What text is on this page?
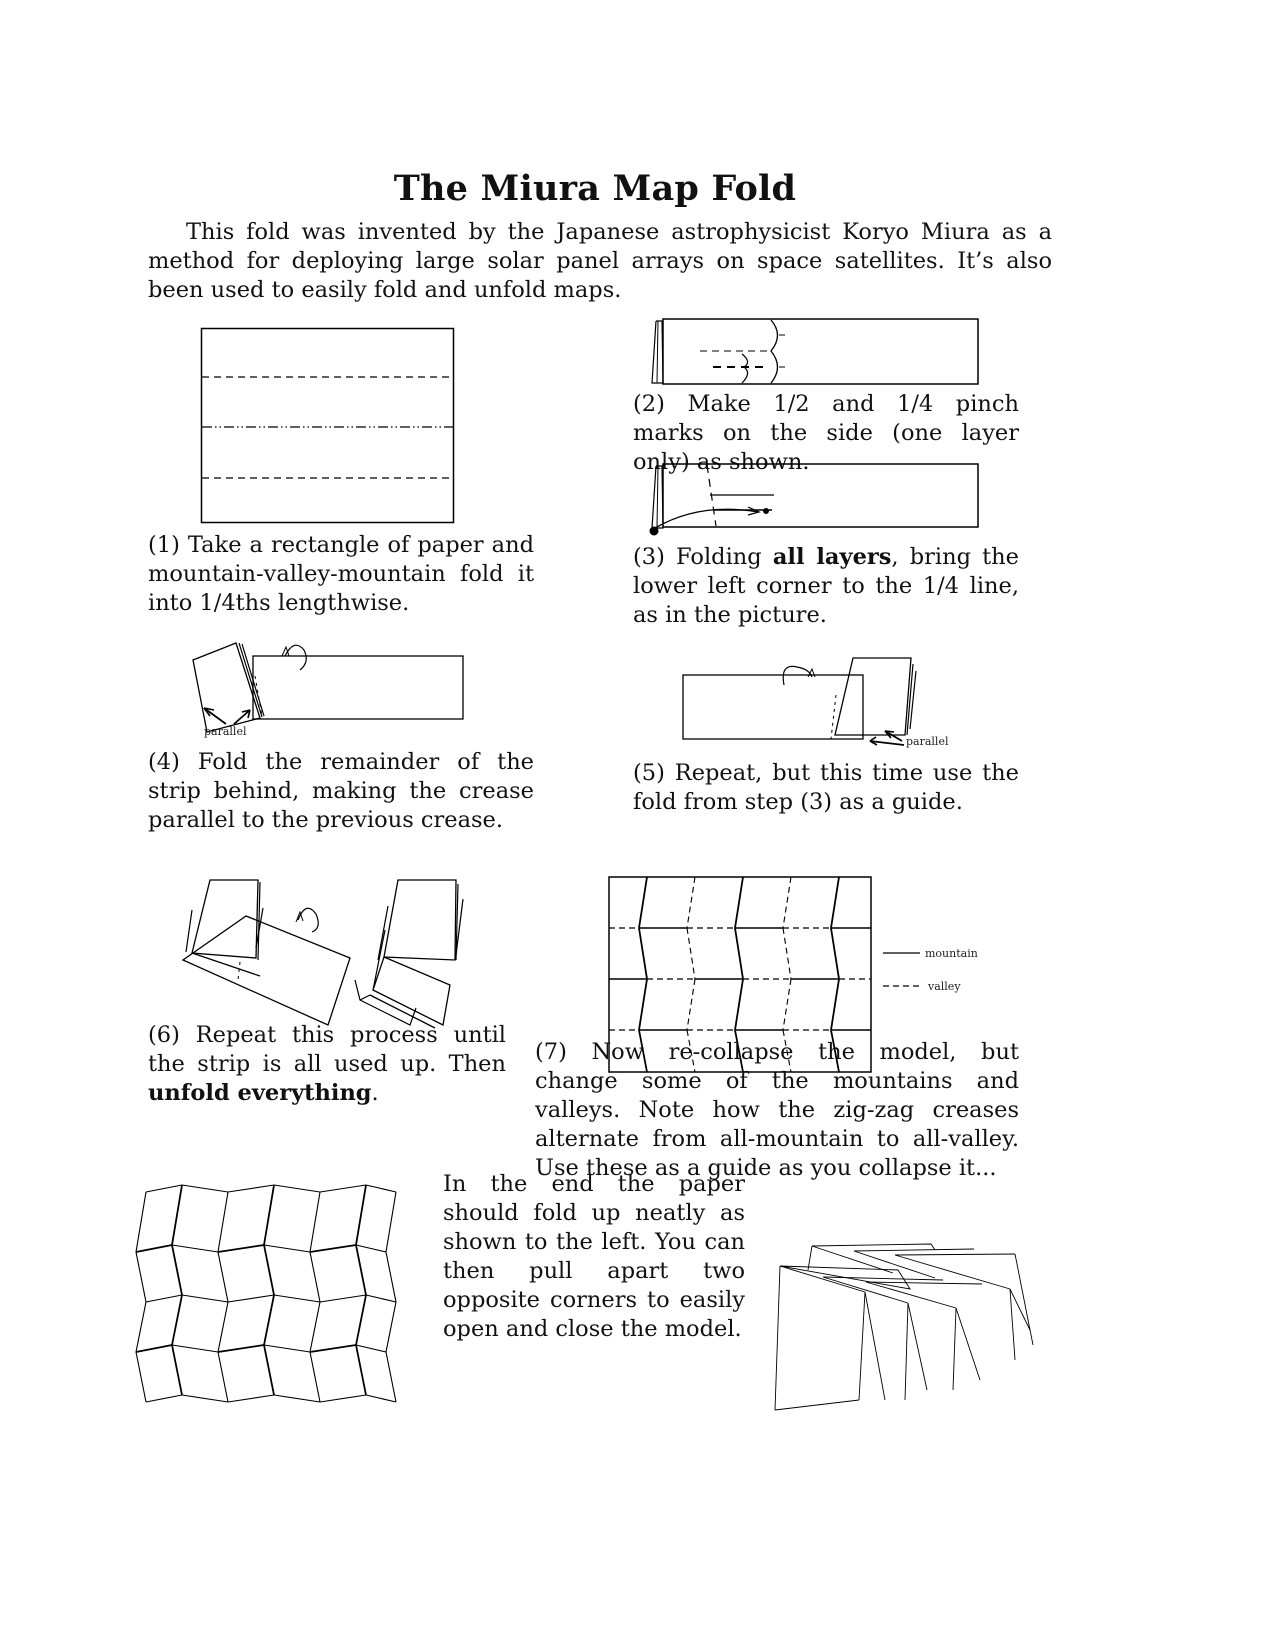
The Miura Map Fold
This fold was invented by the Japanese astrophysicist Koryo Miura as a method for deploying large solar panel arrays on space satellites. It’s also been used to easily fold and unfold maps.
(1) Take a rectangle of paper and mountain-valley-mountain fold it into 1/4ths lengthwise.
(2) Make 1/2 and 1/4 pinch marks on the side (one layer only) as shown.
(3) Folding all layers, bring the lower left corner to the 1/4 line, as in the picture.
parallel
(4) Fold the remainder of the strip behind, making the crease parallel to the previous crease.
parallel
(5) Repeat, but this time use the fold from step (3) as a guide.
(6) Repeat this process until the strip is all used up. Then unfold everything.
mountain
valley
(7) Now re-collapse the model, but change some of the mountains and valleys. Note how the zig-zag creases alternate from all-mountain to all-valley. Use these as a guide as you collapse it...
In the end the paper should fold up neatly as shown to the left. You can then pull apart two opposite corners to easily open and close the model.
